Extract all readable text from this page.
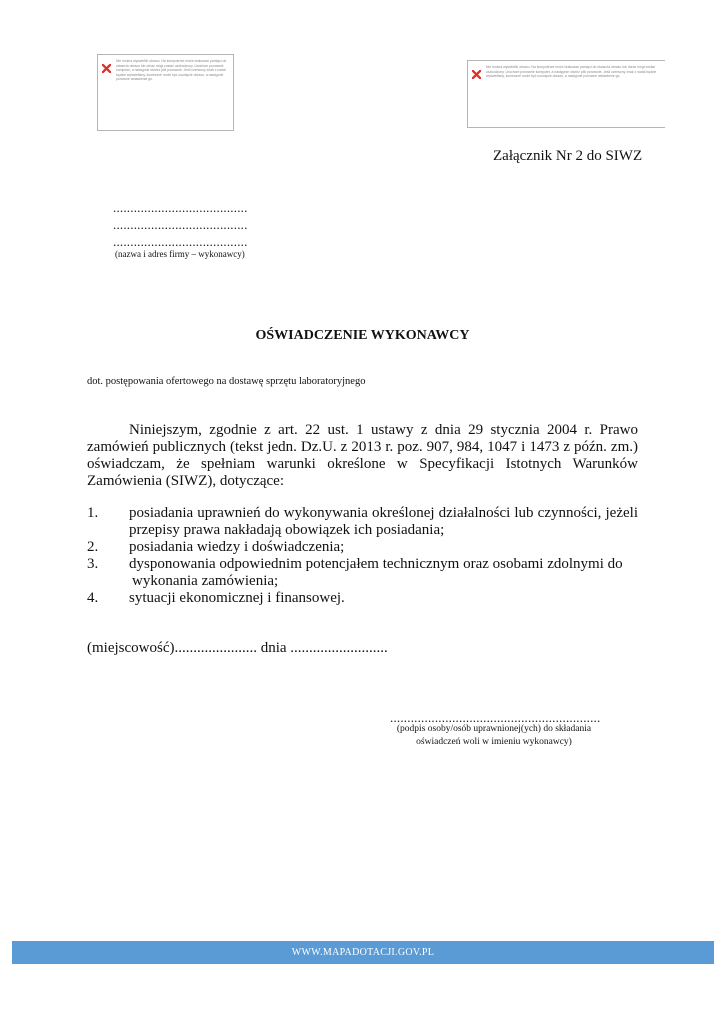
Nie można wyświetlić obrazu. Na komputerze może brakować pamięci do otwarcia obrazu lub obraz mógł zostać uszkodzony. Uruchom ponownie komputer, a następnie otwórz plik ponownie. Jeśli czerwony znak x nadal będzie wyświetlany, konieczne może być usunięcie obrazu, a następnie ponowne wstawienie go.
Nie można wyświetlić obrazu. Na komputerze może brakować pamięci do otwarcia obrazu lub obraz mógł zostać uszkodzony. Uruchom ponownie komputer, a następnie otwórz plik ponownie. Jeśli czerwony znak x nadal będzie wyświetlany, konieczne może być usunięcie obrazu, a następnie ponowne wstawienie go.

Załącznik Nr 2 do SIWZ

.......................................

.......................................

.......................................

(nazwa i adres firmy – wykonawcy)

OŚWIADCZENIE WYKONAWCY

dot. postępowania ofertowego na dostawę sprzętu laboratoryjnego

Niniejszym, zgodnie z art. 22 ust. 1 ustawy z dnia 29 stycznia 2004 r. Prawo zamówień publicznych (tekst jedn. Dz.U. z 2013 r. poz. 907, 984, 1047 i 1473 z późn. zm.) oświadczam, że spełniam warunki określone w Specyfikacji Istotnych Warunków Zamówienia (SIWZ), dotyczące:

1. posiadania uprawnień do wykonywania określonej działalności lub czynności, jeżeli przepisy prawa nakładają obowiązek ich posiadania;
2. posiadania wiedzy i doświadczenia;
3. dysponowania odpowiednim potencjałem technicznym oraz osobami zdolnymi do
wykonania zamówienia;
4. sytuacji ekonomicznej i finansowej.

(miejscowość)...................... dnia ..........................

.............................................................

(podpis osoby/osób uprawnionej(ych) do składania
oświadczeń woli w imieniu wykonawcy)
WWW.MAPADOTACJI.GOV.PL
